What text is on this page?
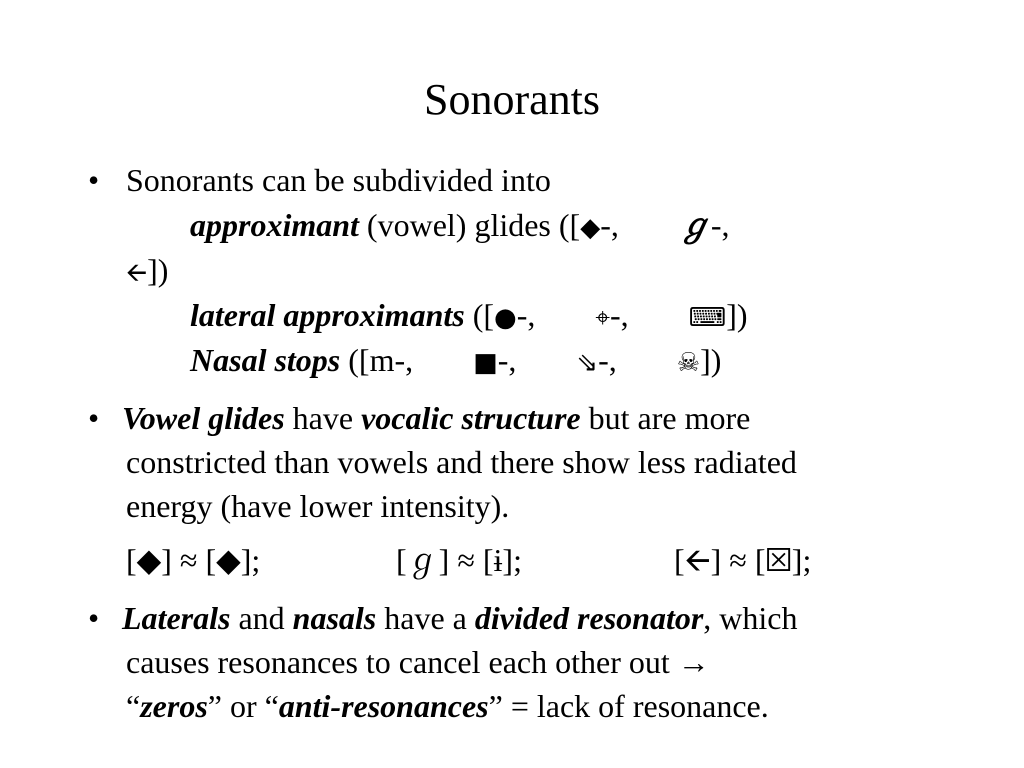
Sonorants
• Sonorants can be subdivided into
approximant (vowel) glides ([◆-, ℊ-,
🡨])
lateral approximants ([●-, ⌖-, ⌨])
Nasal stops ([m-, ■-, ⇘-, ☠])
• Vowel glides have vocalic structure but are more
constricted than vowels and there show less radiated
energy (have lower intensity).
[◆] ≈ [◆];	[ℊ] ≈ [ɨ];	[🡨] ≈ [☒];
• Laterals and nasals have a divided resonator, which
causes resonances to cancel each other out →
“zeros” or “anti-resonances” = lack of resonance.
